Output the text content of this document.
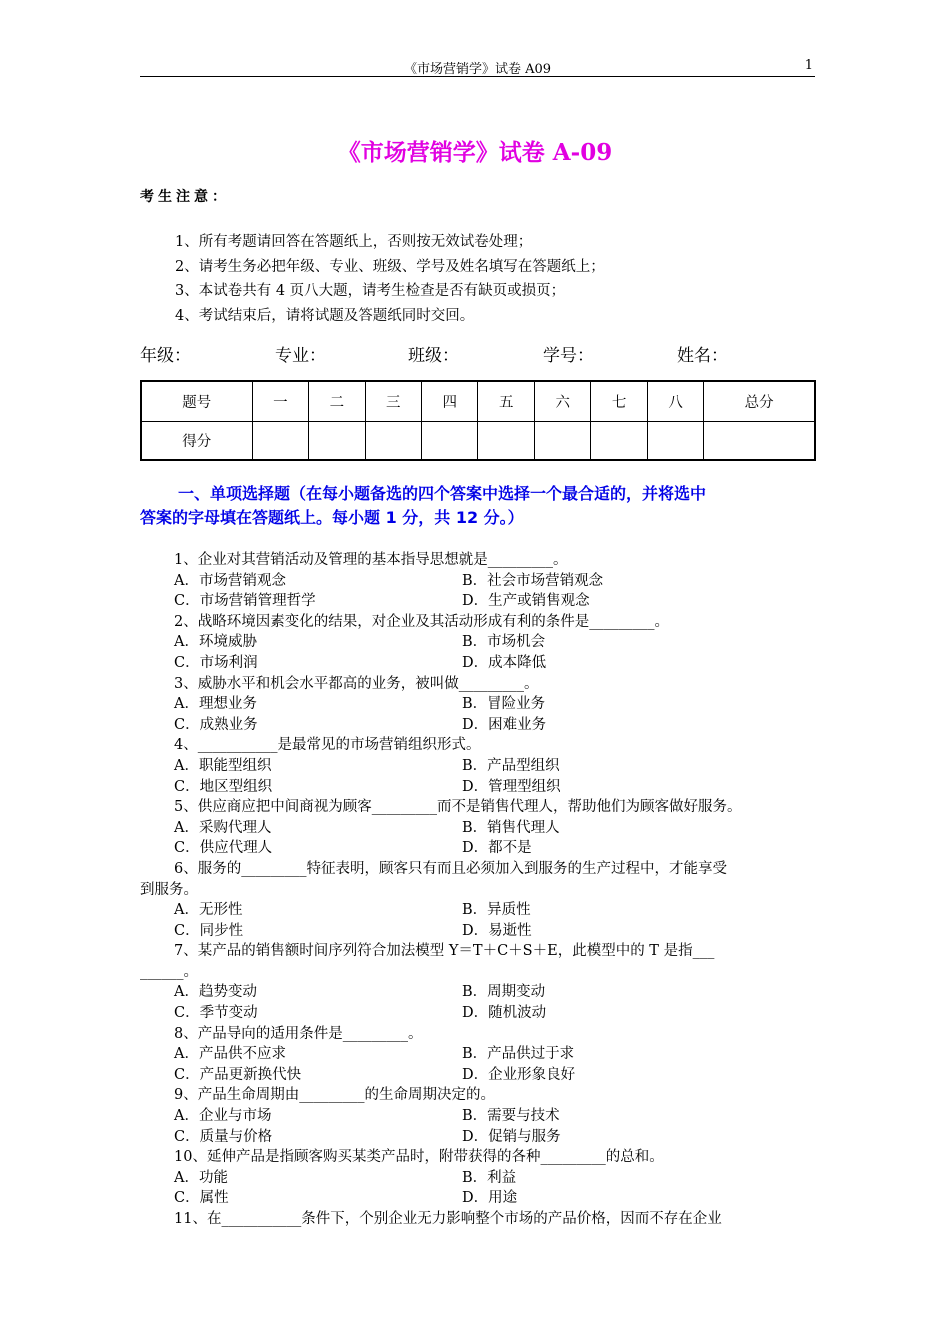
《市场营销学》试卷 A09	1
《市场营销学》试卷 A-09
考生注意：
1、所有考题请回答在答题纸上，否则按无效试卷处理；
2、请考生务必把年级、专业、班级、学号及姓名填写在答题纸上；
3、本试卷共有 4 页八大题，请考生检查是否有缺页或损页；
4、考试结束后，请将试题及答题纸同时交回。
年级：	专业：	班级：	学号：	姓名：
题号	一	二	三	四	五	六	七	八	总分
得分									
一、单项选择题（在每小题备选的四个答案中选择一个最合适的，并将选中
答案的字母填在答题纸上。每小题 1 分，共 12 分。）
1、企业对其营销活动及管理的基本指导思想就是_________。
A．市场营销观念	B．社会市场营销观念
C．市场营销管理哲学	D．生产或销售观念
2、战略环境因素变化的结果，对企业及其活动形成有利的条件是_________。
A．环境威胁	B．市场机会
C．市场利润	D．成本降低
3、威胁水平和机会水平都高的业务，被叫做_________。
A．理想业务	B．冒险业务
C．成熟业务	D．困难业务
4、___________是最常见的市场营销组织形式。
A．职能型组织	B．产品型组织
C．地区型组织	D．管理型组织
5、供应商应把中间商视为顾客_________而不是销售代理人，帮助他们为顾客做好服务。
A．采购代理人	B．销售代理人
C．供应代理人	D．都不是
6、服务的_________特征表明，顾客只有而且必须加入到服务的生产过程中，才能享受
到服务。
A．无形性	B．异质性
C．同步性	D．易逝性
7、某产品的销售额时间序列符合加法模型 Y＝T＋C＋S＋E，此模型中的 T 是指___
______。
A．趋势变动	B．周期变动
C．季节变动	D．随机波动
8、产品导向的适用条件是_________。
A．产品供不应求	B．产品供过于求
C．产品更新换代快	D．企业形象良好
9、产品生命周期由_________的生命周期决定的。
A．企业与市场	B．需要与技术
C．质量与价格	D．促销与服务
10、延伸产品是指顾客购买某类产品时，附带获得的各种_________的总和。
A．功能	B．利益
C．属性	D．用途
11、在___________条件下，个别企业无力影响整个市场的产品价格，因而不存在企业
